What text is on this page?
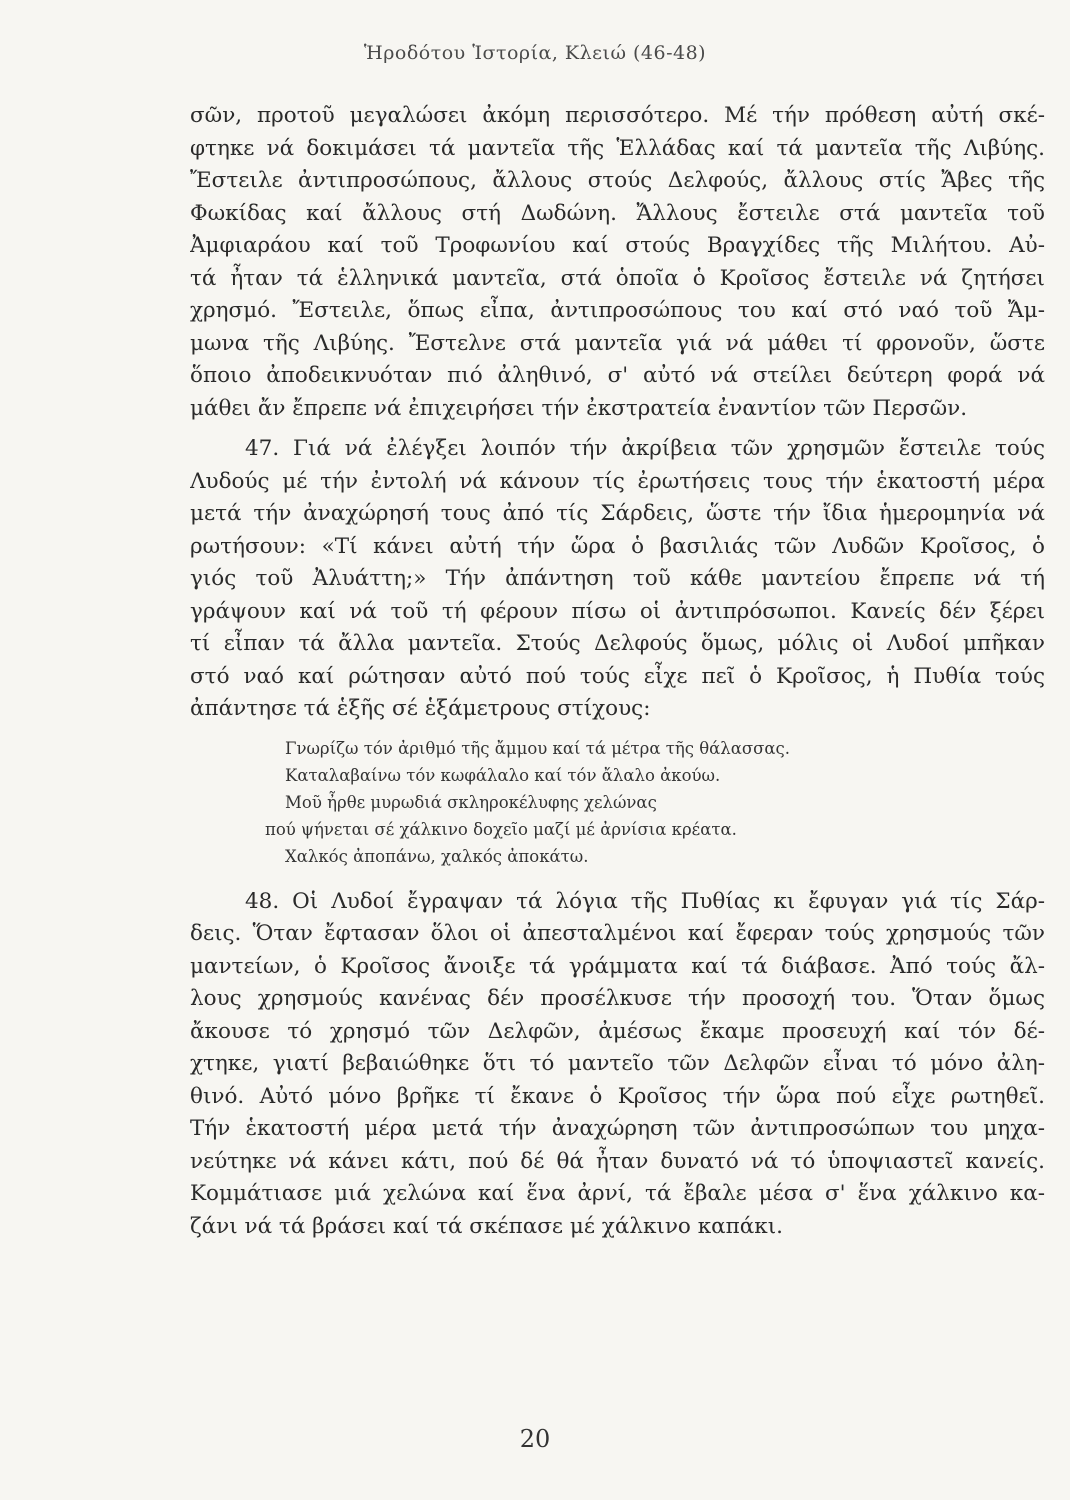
Ἡροδότου Ἱστορία, Κλειώ (46-48)
σῶν, προτοῦ μεγαλώσει ἀκόμη περισσότερο. Μέ τήν πρόθεση αὐτή σκέ-
φτηκε νά δοκιμάσει τά μαντεῖα τῆς Ἑλλάδας καί τά μαντεῖα τῆς Λιβύης.
Ἔστειλε ἀντιπροσώπους, ἄλλους στούς Δελφούς, ἄλλους στίς Ἄβες τῆς
Φωκίδας καί ἄλλους στή Δωδώνη. Ἄλλους ἔστειλε στά μαντεῖα τοῦ
Ἀμφιαράου καί τοῦ Τροφωνίου καί στούς Βραγχίδες τῆς Μιλήτου. Αὐ-
τά ἦταν τά ἑλληνικά μαντεῖα, στά ὁποῖα ὁ Κροῖσος ἔστειλε νά ζητήσει
χρησμό. Ἔστειλε, ὅπως εἶπα, ἀντιπροσώπους του καί στό ναό τοῦ Ἄμ-
μωνα τῆς Λιβύης. Ἔστελνε στά μαντεῖα γιά νά μάθει τί φρονοῦν, ὥστε
ὅποιο ἀποδεικνυόταν πιό ἀληθινό, σ' αὐτό νά στείλει δεύτερη φορά νά
μάθει ἄν ἔπρεπε νά ἐπιχειρήσει τήν ἐκστρατεία ἐναντίον τῶν Περσῶν.
47. Γιά νά ἐλέγξει λοιπόν τήν ἀκρίβεια τῶν χρησμῶν ἔστειλε τούς
Λυδούς μέ τήν ἐντολή νά κάνουν τίς ἐρωτήσεις τους τήν ἑκατοστή μέρα
μετά τήν ἀναχώρησή τους ἀπό τίς Σάρδεις, ὥστε τήν ἴδια ἡμερομηνία νά
ρωτήσουν: «Τί κάνει αὐτή τήν ὥρα ὁ βασιλιάς τῶν Λυδῶν Κροῖσος, ὁ
γιός τοῦ Ἀλυάττη;» Τήν ἀπάντηση τοῦ κάθε μαντείου ἔπρεπε νά τή
γράψουν καί νά τοῦ τή φέρουν πίσω οἱ ἀντιπρόσωποι. Κανείς δέν ξέρει
τί εἶπαν τά ἄλλα μαντεῖα. Στούς Δελφούς ὅμως, μόλις οἱ Λυδοί μπῆκαν
στό ναό καί ρώτησαν αὐτό πού τούς εἶχε πεῖ ὁ Κροῖσος, ἡ Πυθία τούς
ἀπάντησε τά ἑξῆς σέ ἑξάμετρους στίχους:
Γνωρίζω τόν ἀριθμό τῆς ἄμμου καί τά μέτρα τῆς θάλασσας.
Καταλαβαίνω τόν κωφάλαλο καί τόν ἄλαλο ἀκούω.
Μοῦ ἦρθε μυρωδιά σκληροκέλυφης χελώνας
πού ψήνεται σέ χάλκινο δοχεῖο μαζί μέ ἀρνίσια κρέατα.
Χαλκός ἀποπάνω, χαλκός ἀποκάτω.
48. Οἱ Λυδοί ἔγραψαν τά λόγια τῆς Πυθίας κι ἔφυγαν γιά τίς Σάρ-
δεις. Ὅταν ἔφτασαν ὅλοι οἱ ἀπεσταλμένοι καί ἔφεραν τούς χρησμούς τῶν
μαντείων, ὁ Κροῖσος ἄνοιξε τά γράμματα καί τά διάβασε. Ἀπό τούς ἄλ-
λους χρησμούς κανένας δέν προσέλκυσε τήν προσοχή του. Ὅταν ὅμως
ἄκουσε τό χρησμό τῶν Δελφῶν, ἀμέσως ἔκαμε προσευχή καί τόν δέ-
χτηκε, γιατί βεβαιώθηκε ὅτι τό μαντεῖο τῶν Δελφῶν εἶναι τό μόνο ἀλη-
θινό. Αὐτό μόνο βρῆκε τί ἔκανε ὁ Κροῖσος τήν ὥρα πού εἶχε ρωτηθεῖ.
Τήν ἑκατοστή μέρα μετά τήν ἀναχώρηση τῶν ἀντιπροσώπων του μηχα-
νεύτηκε νά κάνει κάτι, πού δέ θά ἦταν δυνατό νά τό ὑποψιαστεῖ κανείς.
Κομμάτιασε μιά χελώνα καί ἕνα ἀρνί, τά ἔβαλε μέσα σ' ἕνα χάλκινο κα-
ζάνι νά τά βράσει καί τά σκέπασε μέ χάλκινο καπάκι.
20
